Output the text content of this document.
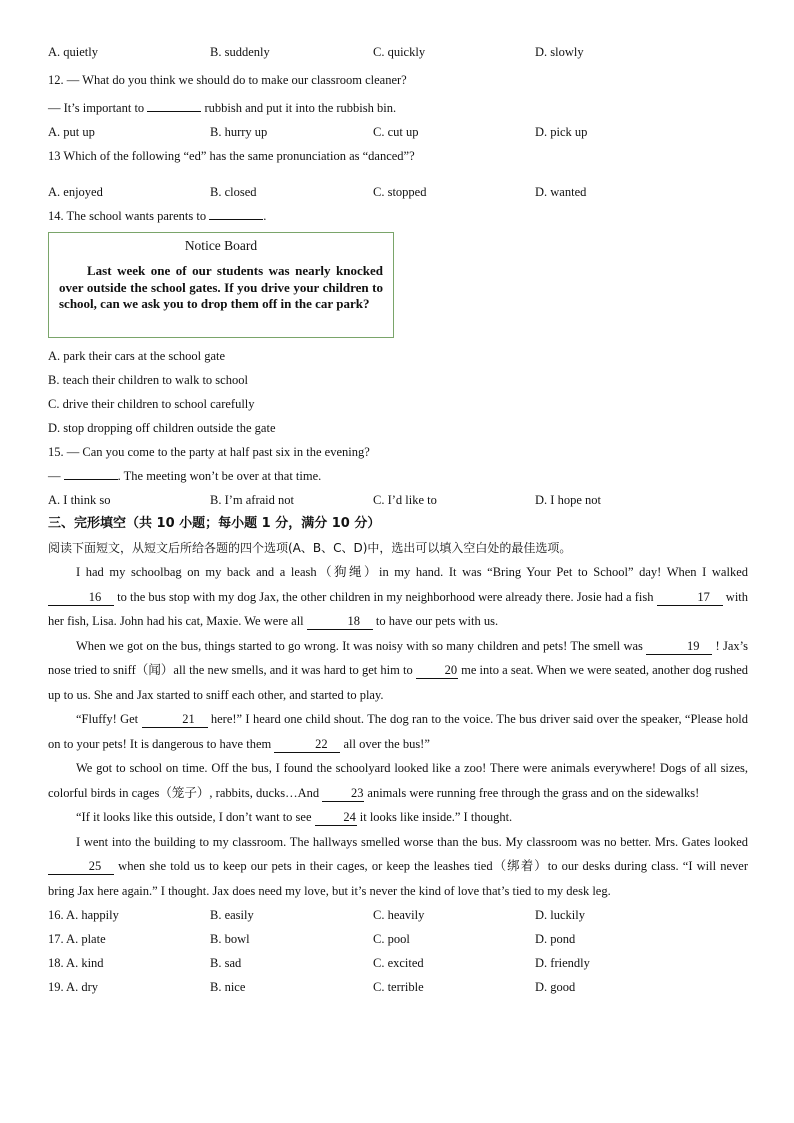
A. quietly	B. suddenly	C. quickly	D. slowly
12. — What do you think we should do to make our classroom cleaner?
— It’s important to	rubbish and put it into the rubbish bin.
A. put up	B. hurry up	C. cut up	D. pick up
13 Which of the following “ed” has the same pronunciation as “danced”?
A. enjoyed	B. closed	C. stopped	D. wanted
14. The school wants parents to	.
Notice Board
Last week one of our students was nearly knocked over outside the school gates. If you drive your children to school, can we ask you to drop them off in the car park?
A. park their cars at the school gate
B. teach their children to walk to school
C. drive their children to school carefully
D. stop dropping off children outside the gate
15. — Can you come to the party at half past six in the evening?
—	. The meeting won’t be over at that time.
A. I think so	B. I’m afraid not	C. I’d like to	D. I hope not
三、完形填空（共 10 小题；每小题 1 分，满分 10 分）
阅读下面短文，从短文后所给各题的四个选项(A、B、C、D)中，选出可以填入空白处的最佳选项。
I had my schoolbag on my back and a leash（狗绳）in my hand. It was “Bring Your Pet to School” day! When I walked 16 to the bus stop with my dog Jax, the other children in my neighborhood were already there. Josie had a fish	17 with her fish, Lisa. John had his cat, Maxie. We were all	18 to have our pets with us.
When we got on the bus, things started to go wrong. It was noisy with so many children and pets! The smell was	19 ! Jax’s nose tried to sniff（闻）all the new smells, and it was hard to get him to	20 me into a seat. When we were seated, another dog rushed up to us. She and Jax started to sniff each other, and started to play.
“Fluffy! Get	21 here!” I heard one child shout. The dog ran to the voice. The bus driver said over the speaker, “Please hold on to your pets! It is dangerous to have them	22 all over the bus!”
We got to school on time. Off the bus, I found the schoolyard looked like a zoo! There were animals everywhere! Dogs of all sizes, colorful birds in cages（笼子）, rabbits, ducks…And	23 animals were running free through the grass and on the sidewalks!
“If it looks like this outside, I don’t want to see	24 it looks like inside.” I thought.
I went into the building to my classroom. The hallways smelled worse than the bus. My classroom was no better. Mrs. Gates looked 25 when she told us to keep our pets in their cages, or keep the leashes tied（绑着）to our desks during class. “I will never bring Jax here again.” I thought. Jax does need my love, but it’s never the kind of love that’s tied to my desk leg.
16. A. happily	B. easily	C. heavily	D. luckily
17. A. plate	B. bowl	C. pool	D. pond
18. A. kind	B. sad	C. excited	D. friendly
19. A. dry	B. nice	C. terrible	D. good
